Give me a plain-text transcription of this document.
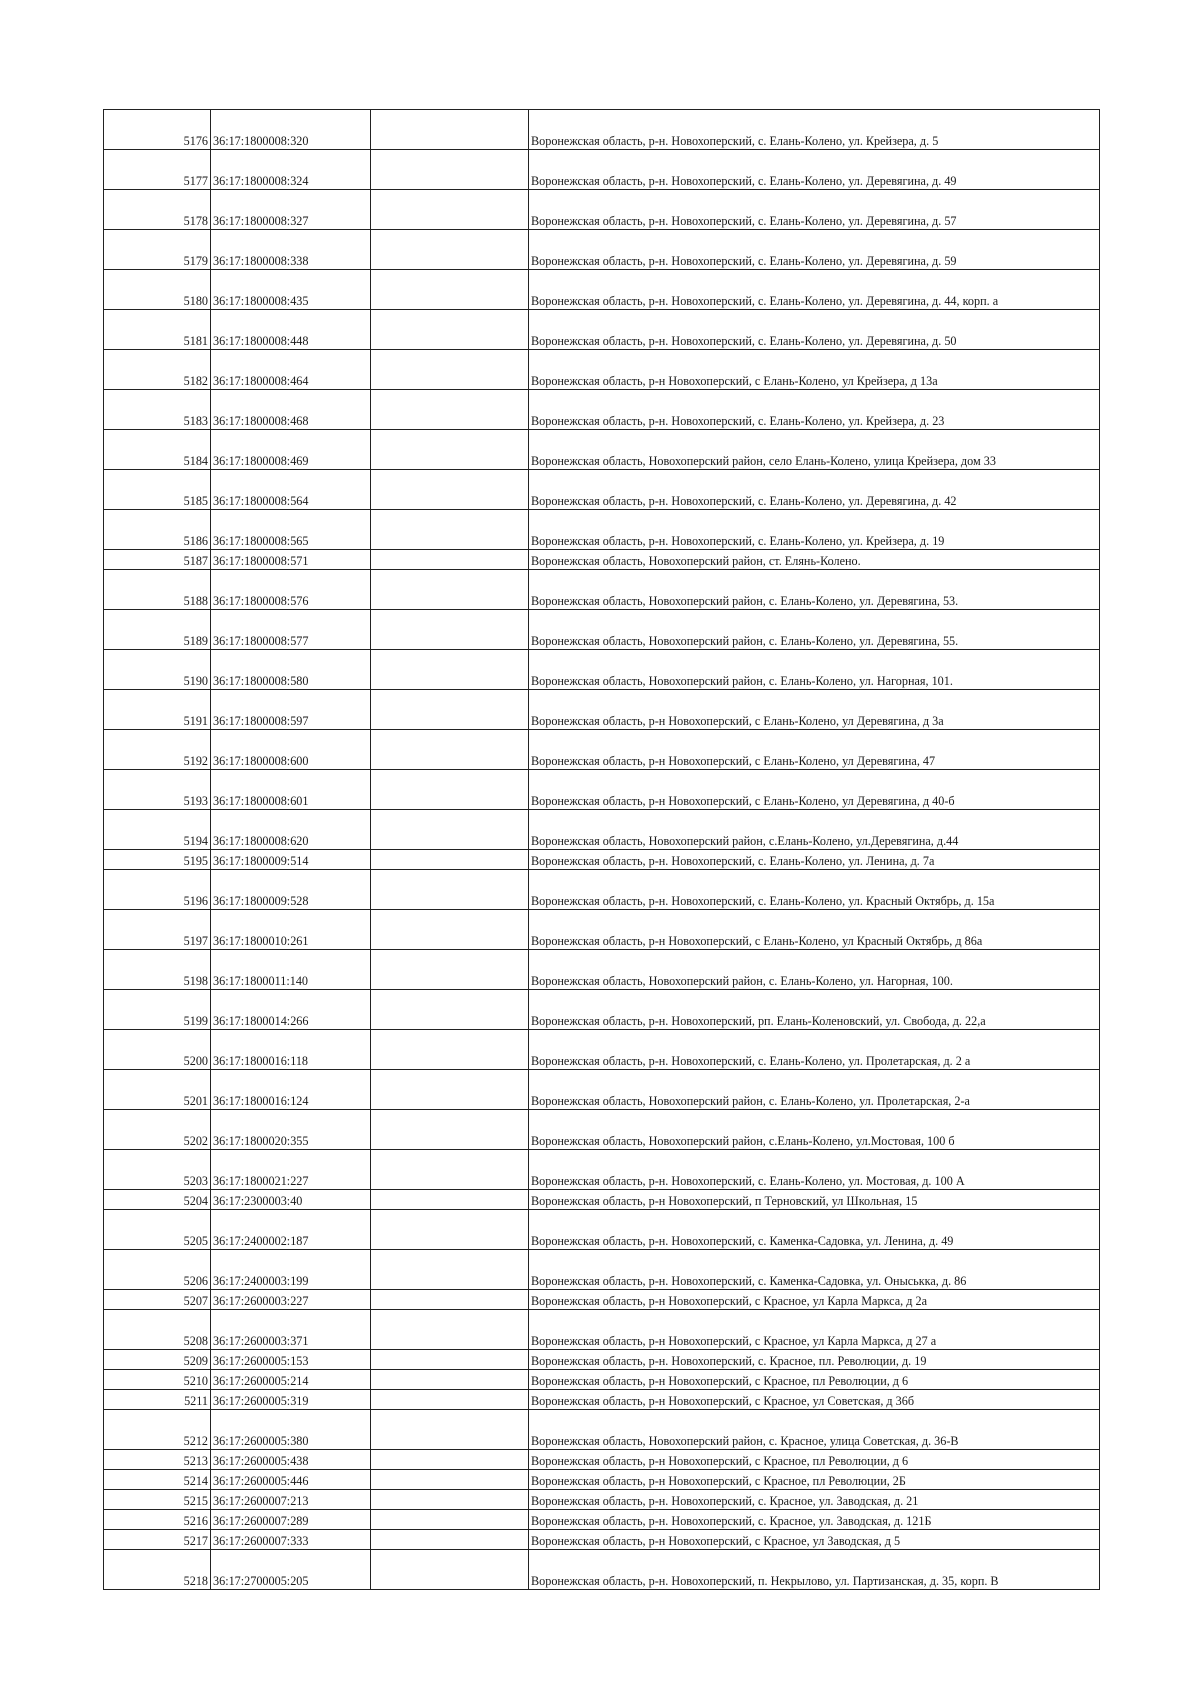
5176	36:17:1800008:320		Воронежская область, р-н. Новохоперский, с. Елань-Колено, ул. Крейзера, д. 5
5177	36:17:1800008:324		Воронежская область, р-н. Новохоперский, с. Елань-Колено, ул. Деревягина, д. 49
5178	36:17:1800008:327		Воронежская область, р-н. Новохоперский, с. Елань-Колено, ул. Деревягина, д. 57
5179	36:17:1800008:338		Воронежская область, р-н. Новохоперский, с. Елань-Колено, ул. Деревягина, д. 59
5180	36:17:1800008:435		Воронежская область, р-н. Новохоперский, с. Елань-Колено, ул. Деревягина, д. 44, корп. а
5181	36:17:1800008:448		Воронежская область, р-н. Новохоперский, с. Елань-Колено, ул. Деревягина, д. 50
5182	36:17:1800008:464		Воронежская область, р-н Новохоперский, с Елань-Колено, ул Крейзера, д 13а
5183	36:17:1800008:468		Воронежская область, р-н. Новохоперский, с. Елань-Колено, ул. Крейзера, д. 23
5184	36:17:1800008:469		Воронежская область, Новохоперский район, село Елань-Колено, улица Крейзера, дом 33
5185	36:17:1800008:564		Воронежская область, р-н. Новохоперский, с. Елань-Колено, ул. Деревягина, д. 42
5186	36:17:1800008:565		Воронежская область, р-н. Новохоперский, с. Елань-Колено, ул. Крейзера, д. 19
5187	36:17:1800008:571		Воронежская область, Новохоперский район, ст. Елянь-Колено.
5188	36:17:1800008:576		Воронежская область, Новохоперский район, с. Елань-Колено, ул. Деревягина, 53.
5189	36:17:1800008:577		Воронежская область, Новохоперский район, с. Елань-Колено, ул. Деревягина, 55.
5190	36:17:1800008:580		Воронежская область, Новохоперский район, с. Елань-Колено, ул. Нагорная, 101.
5191	36:17:1800008:597		Воронежская область, р-н Новохоперский, с Елань-Колено, ул Деревягина, д 3а
5192	36:17:1800008:600		Воронежская область, р-н Новохоперский, с Елань-Колено, ул Деревягина, 47
5193	36:17:1800008:601		Воронежская область, р-н Новохоперский, с Елань-Колено, ул Деревягина, д 40-б
5194	36:17:1800008:620		Воронежская область, Новохоперский район, с.Елань-Колено, ул.Деревягина, д.44
5195	36:17:1800009:514		Воронежская область, р-н. Новохоперский, с. Елань-Колено, ул. Ленина, д. 7а
5196	36:17:1800009:528		Воронежская область, р-н. Новохоперский, с. Елань-Колено, ул. Красный Октябрь, д. 15а
5197	36:17:1800010:261		Воронежская область, р-н Новохоперский, с Елань-Колено, ул Красный Октябрь, д 86а
5198	36:17:1800011:140		Воронежская область, Новохоперский район, с. Елань-Колено, ул. Нагорная, 100.
5199	36:17:1800014:266		Воронежская область, р-н. Новохоперский, рп. Елань-Коленовский, ул. Свобода, д. 22,а
5200	36:17:1800016:118		Воронежская область, р-н. Новохоперский, с. Елань-Колено, ул. Пролетарская, д. 2 а
5201	36:17:1800016:124		Воронежская область, Новохоперский район, с. Елань-Колено, ул. Пролетарская, 2-а
5202	36:17:1800020:355		Воронежская область, Новохоперский район, с.Елань-Колено, ул.Мостовая, 100 б
5203	36:17:1800021:227		Воронежская область, р-н. Новохоперский, с. Елань-Колено, ул. Мостовая, д. 100 А
5204	36:17:2300003:40		Воронежская область, р-н Новохоперский, п Терновский, ул Школьная, 15
5205	36:17:2400002:187		Воронежская область, р-н. Новохоперский, с. Каменка-Садовка, ул. Ленина, д. 49
5206	36:17:2400003:199		Воронежская область, р-н. Новохоперский, с. Каменка-Садовка, ул. Оныськка, д. 86
5207	36:17:2600003:227		Воронежская область, р-н Новохоперский, с Красное, ул Карла Маркса, д 2а
5208	36:17:2600003:371		Воронежская область, р-н Новохоперский, с Красное, ул Карла Маркса, д 27 а
5209	36:17:2600005:153		Воронежская область, р-н. Новохоперский, с. Красное, пл. Революции, д. 19
5210	36:17:2600005:214		Воронежская область, р-н Новохоперский, с Красное, пл Революции, д 6
5211	36:17:2600005:319		Воронежская область, р-н Новохоперский, с Красное, ул Советская, д 36б
5212	36:17:2600005:380		Воронежская область, Новохоперский район, с. Красное, улица Советская, д. 36-В
5213	36:17:2600005:438		Воронежская область, р-н Новохоперский, с Красное, пл Революции, д 6
5214	36:17:2600005:446		Воронежская область, р-н Новохоперский, с Красное, пл Революции, 2Б
5215	36:17:2600007:213		Воронежская область, р-н. Новохоперский, с. Красное, ул. Заводская, д. 21
5216	36:17:2600007:289		Воронежская область, р-н. Новохоперский, с. Красное, ул. Заводская, д. 121Б
5217	36:17:2600007:333		Воронежская область, р-н Новохоперский, с Красное, ул Заводская, д 5
5218	36:17:2700005:205		Воронежская область, р-н. Новохоперский, п. Некрылово, ул. Партизанская, д. 35, корп. В
